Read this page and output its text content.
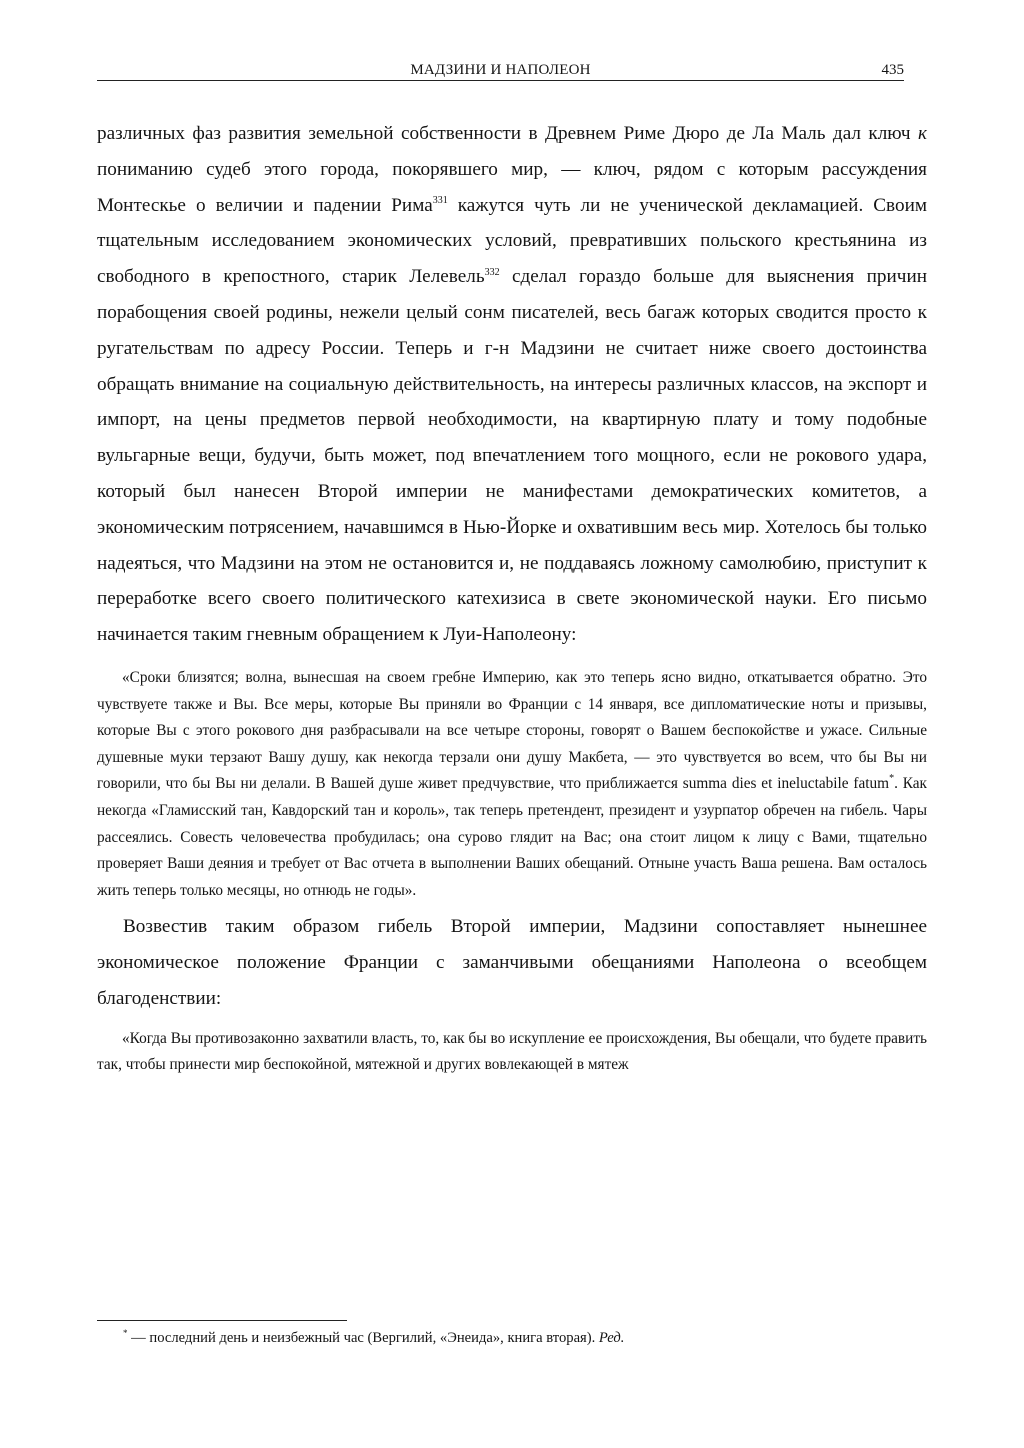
МАДЗИНИ И НАПОЛЕОН	435

различных фаз развития земельной собственности в Древнем Риме Дюро де Ла Маль дал ключ к пониманию судеб этого города, покорявшего мир, — ключ, рядом с которым рассуждения Монтескье о величии и падении Рима$^{331}$ кажутся чуть ли не ученической декламацией. Своим тщательным исследованием экономических условий, превративших польского крестьянина из свободного в крепостного, старик Лелевель$^{332}$ сделал гораздо больше для выяснения причин порабощения своей родины, нежели целый сонм писателей, весь багаж которых сводится просто к ругательствам по адресу России. Теперь и г-н Мадзини не считает ниже своего достоинства обращать внимание на социальную действительность, на интересы различных классов, на экспорт и импорт, на цены предметов первой необходимости, на квартирную плату и тому подобные вульгарные вещи, будучи, быть может, под впечатлением того мощного, если не рокового удара, который был нанесен Второй империи не манифестами демократических комитетов, а экономическим потрясением, начавшимся в Нью-Йорке и охватившим весь мир. Хотелось бы только надеяться, что Мадзини на этом не остановится и, не поддаваясь ложному самолюбию, приступит к переработке всего своего политического катехизиса в свете экономической науки. Его письмо начинается таким гневным обращением к Луи-Наполеону:

«Сроки близятся; волна, вынесшая на своем гребне Империю, как это теперь ясно видно, откатывается обратно. Это чувствуете также и Вы. Все меры, которые Вы приняли во Франции с 14 января, все дипломатические ноты и призывы, которые Вы с этого рокового дня разбрасывали на все четыре стороны, говорят о Вашем беспокойстве и ужасе. Сильные душевные муки терзают Вашу душу, как некогда терзали они душу Макбета, — это чувствуется во всем, что бы Вы ни говорили, что бы Вы ни делали. В Вашей душе живет предчувствие, что приближается summa dies et ineluctabile fatum*. Как некогда «Гламисский тан, Кавдорский тан и король», так теперь претендент, президент и узурпатор обречен на гибель. Чары рассеялись. Совесть человечества пробудилась; она сурово глядит на Вас; она стоит лицом к лицу с Вами, тщательно проверяет Ваши деяния и требует от Вас отчета в выполнении Ваших обещаний. Отныне участь Ваша решена. Вам осталось жить теперь только месяцы, но отнюдь не годы».

Возвестив таким образом гибель Второй империи, Мадзини сопоставляет нынешнее экономическое положение Франции с заманчивыми обещаниями Наполеона о всеобщем благоденствии:

«Когда Вы противозаконно захватили власть, то, как бы во искупление ее происхождения, Вы обещали, что будете править так, чтобы принести мир беспокойной, мятежной и других вовлекающей в мятеж

* — последний день и неизбежный час (Вергилий, «Энеида», книга вторая). Ред.
